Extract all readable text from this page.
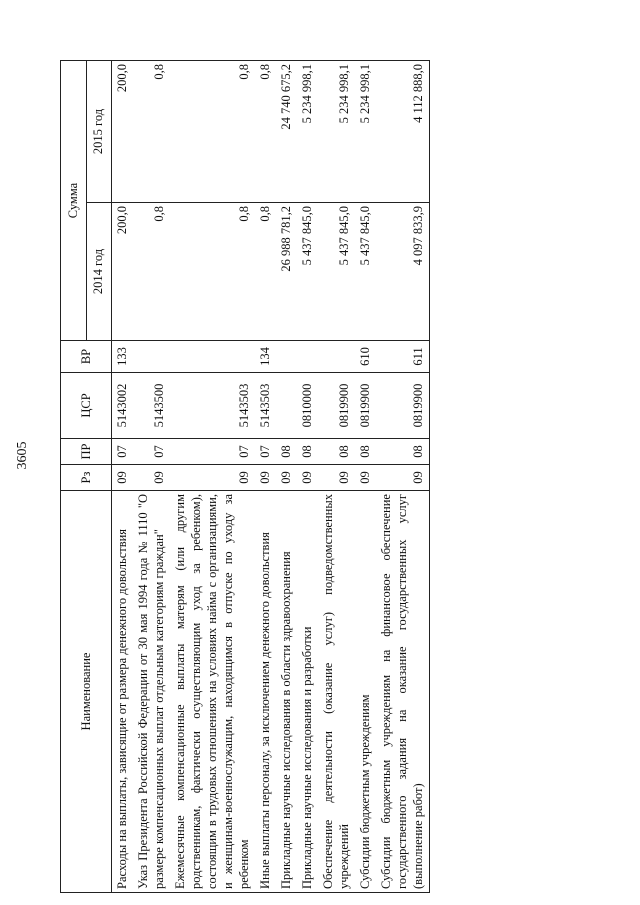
3605
Наименование	Рз	ПР	ЦСР	ВР	Сумма	
					2014 год	2015 год
Расходы на выплаты, зависящие от размера денежного довольствия	09	07	5143002	133	200,0	200,0
Указ Президента Российской Федерации от 30 мая 1994 года № 1110 "О размере компенсационных выплат отдельным категориям граждан"	09	07	5143500		0,8	0,8
Ежемесячные компенсационные выплаты матерям (или другим родственникам, фактически осуществляющим уход за ребенком), состоящим в трудовых отношениях на условиях найма с организациями, и женщинам-военнослужащим, находящимся в отпуске по уходу за ребенком	09	07	5143503		0,8	0,8
Иные выплаты персоналу, за исключением денежного довольствия	09	07	5143503	134	0,8	0,8
Прикладные научные исследования в области здравоохранения	09	08			26 988 781,2	24 740 675,2
Прикладные научные исследования и разработки	09	08	0810000		5 437 845,0	5 234 998,1
Обеспечение деятельности (оказание услуг) подведомственных учреждений	09	08	0819900		5 437 845,0	5 234 998,1
Субсидии бюджетным учреждениям	09	08	0819900	610	5 437 845,0	5 234 998,1
Субсидии бюджетным учреждениям на финансовое обеспечение государственного задания на оказание государственных услуг (выполнение работ)	09	08	0819900	611	4 097 833,9	4 112 888,0
